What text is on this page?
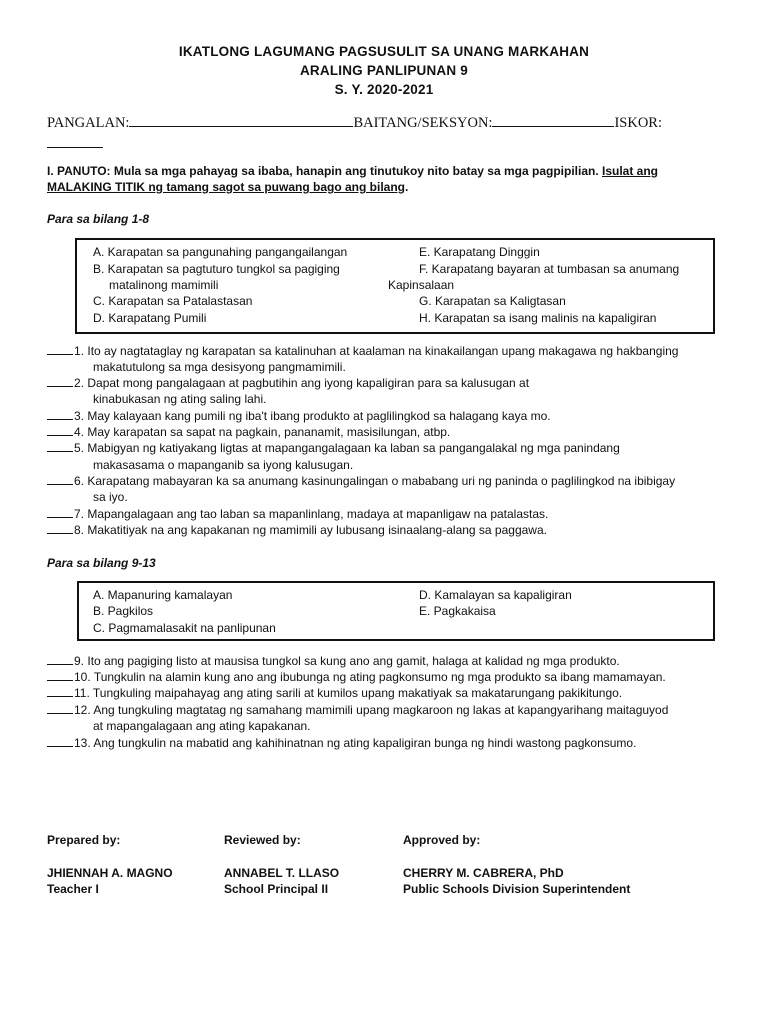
IKATLONG LAGUMANG PAGSUSULIT SA UNANG MARKAHAN
ARALING PANLIPUNAN 9
S. Y. 2020-2021
PANGALAN:	BAITANG/SEKSYON:	ISKOR:
I. PANUTO: Mula sa mga pahayag sa ibaba, hanapin ang tinutukoy nito batay sa mga pagpipilian. Isulat ang
MALAKING TITIK ng tamang sagot sa puwang bago ang bilang.
Para sa bilang 1-8
A. Karapatan sa pangunahing pangangailangan
B. Karapatan sa pagtuturo tungkol sa pagiging
matalinong mamimili
C. Karapatan sa Patalastasan
D. Karapatang Pumili
E. Karapatang Dinggin
F. Karapatang bayaran at tumbasan sa anumang
Kapinsalaan
G. Karapatan sa Kaligtasan
H. Karapatan sa isang malinis na kapaligiran
1. Ito ay nagtataglay ng karapatan sa katalinuhan at kaalaman na kinakailangan upang makagawa ng hakbanging
makatutulong sa mga desisyong pangmamimili.
2. Dapat mong pangalagaan at pagbutihin ang iyong kapaligiran para sa kalusugan at
kinabukasan ng ating saling lahi.
3. May kalayaan kang pumili ng iba't ibang produkto at paglilingkod sa halagang kaya mo.
4. May karapatan sa sapat na pagkain, pananamit, masisilungan, atbp.
5. Mabigyan ng katiyakang ligtas at mapangangalagaan ka laban sa pangangalakal ng mga panindang
makasasama o mapanganib sa iyong kalusugan.
6. Karapatang mabayaran ka sa anumang kasinungalingan o mababang uri ng paninda o paglilingkod na ibibigay
sa iyo.
7. Mapangalagaan ang tao laban sa mapanlinlang, madaya at mapanligaw na patalastas.
8. Makatitiyak na ang kapakanan ng mamimili ay lubusang isinaalang-alang sa paggawa.
Para sa bilang 9-13
A. Mapanuring kamalayan
B. Pagkilos
C. Pagmamalasakit na panlipunan
D. Kamalayan sa kapaligiran
E. Pagkakaisa
9. Ito ang pagiging listo at mausisa tungkol sa kung ano ang gamit, halaga at kalidad ng mga produkto.
10. Tungkulin na alamin kung ano ang ibubunga ng ating pagkonsumo ng mga produkto sa ibang mamamayan.
11. Tungkuling maipahayag ang ating sarili at kumilos upang makatiyak sa makatarungang pakikitungo.
12. Ang tungkuling magtatag ng samahang mamimili upang magkaroon ng lakas at kapangyarihang maitaguyod
at mapangalagaan ang ating kapakanan.
13. Ang tungkulin na mabatid ang kahihinatnan ng ating kapaligiran bunga ng hindi wastong pagkonsumo.
Prepared by:
JHIENNAH A. MAGNO
Teacher I
Reviewed by:
ANNABEL T. LLASO
School Principal II
Approved by:
CHERRY M. CABRERA, PhD
Public Schools Division Superintendent
